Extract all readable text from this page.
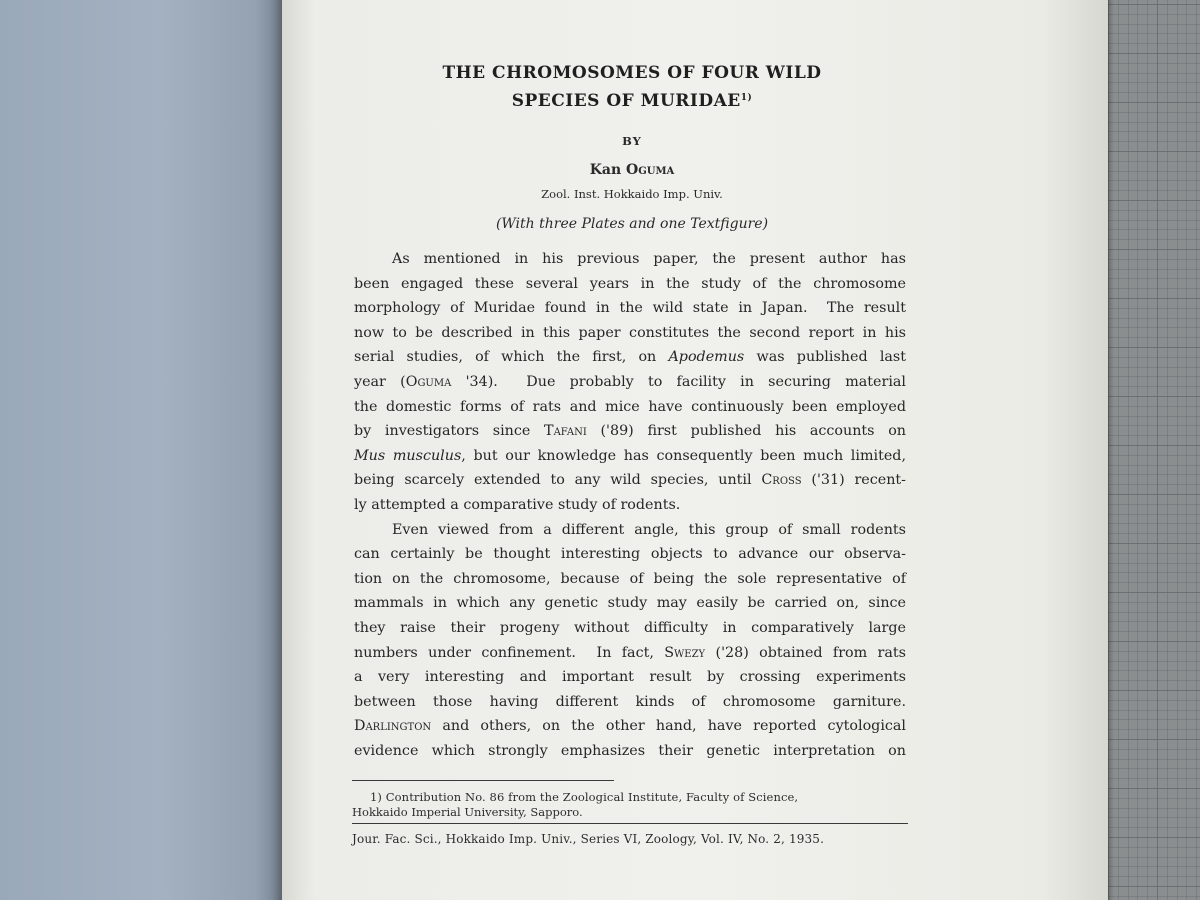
THE CHROMOSOMES OF FOUR WILD
SPECIES OF MURIDAE$^{1)}$
BY
Kan Oguma
Zool. Inst. Hokkaido Imp. Univ.
(With three Plates and one Textfigure)
As mentioned in his previous paper, the present author has
been engaged these several years in the study of the chromosome
morphology of Muridae found in the wild state in Japan.  The result
now to be described in this paper constitutes the second report in his
serial studies, of which the first, on Apodemus was published last
year (Oguma '34).  Due probably to facility in securing material
the domestic forms of rats and mice have continuously been employed
by investigators since Tafani ('89) first published his accounts on
Mus musculus, but our knowledge has consequently been much limited,
being scarcely extended to any wild species, until Cross ('31) recent-
ly attempted a comparative study of rodents.
Even viewed from a different angle, this group of small rodents
can certainly be thought interesting objects to advance our observa-
tion on the chromosome, because of being the sole representative of
mammals in which any genetic study may easily be carried on, since
they raise their progeny without difficulty in comparatively large
numbers under confinement.  In fact, Swezy ('28) obtained from rats
a very interesting and important result by crossing experiments
between those having different kinds of chromosome garniture.
Darlington and others, on the other hand, have reported cytological
evidence which strongly emphasizes their genetic interpretation on
1) Contribution No. 86 from the Zoological Institute, Faculty of Science,
Hokkaido Imperial University, Sapporo.
Jour. Fac. Sci., Hokkaido Imp. Univ., Series VI, Zoology, Vol. IV, No. 2, 1935.
